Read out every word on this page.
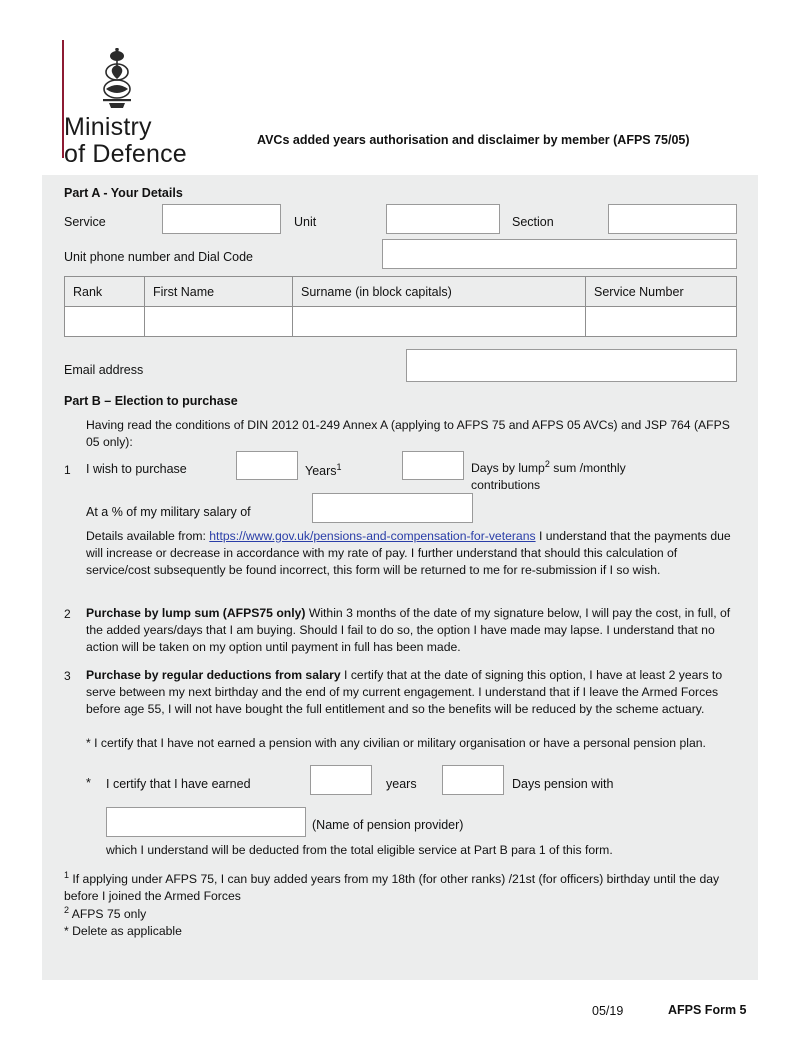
Ministry
of Defence	AVCs added years authorisation and disclaimer by member (AFPS 75/05)
Part A - Your Details
Service	Unit	Section
Unit phone number and Dial Code
Rank	First Name	Surname (in block capitals)	Service Number

Email address
Part B – Election to purchase
Having read the conditions of DIN 2012 01-249 Annex A (applying to AFPS 75 and AFPS 05 AVCs) and JSP 764 (AFPS 05 only):
1 I wish to purchase	Years$^1$	Days by lump$^2$ sum /monthly contributions
At a % of my military salary of
Details available from: https://www.gov.uk/pensions-and-compensation-for-veterans I understand that the payments due will increase or decrease in accordance with my rate of pay. I further understand that should this calculation of service/cost subsequently be found incorrect, this form will be returned to me for re-submission if I so wish.
2 Purchase by lump sum (AFPS75 only) Within 3 months of the date of my signature below, I will pay the cost, in full, of the added years/days that I am buying. Should I fail to do so, the option I have made may lapse. I understand that no action will be taken on my option until payment in full has been made.
3 Purchase by regular deductions from salary I certify that at the date of signing this option, I have at least 2 years to serve between my next birthday and the end of my current engagement. I understand that if I leave the Armed Forces before age 55, I will not have bought the full entitlement and so the benefits will be reduced by the scheme actuary.
* I certify that I have not earned a pension with any civilian or military organisation or have a personal pension plan.
* I certify that I have earned	years	Days pension with
(Name of pension provider)
which I understand will be deducted from the total eligible service at Part B para 1 of this form.
$^1$ If applying under AFPS 75, I can buy added years from my 18th (for other ranks) /21st (for officers) birthday until the day before I joined the Armed Forces
$^2$ AFPS 75 only
* Delete as applicable
05/19	AFPS Form 5
